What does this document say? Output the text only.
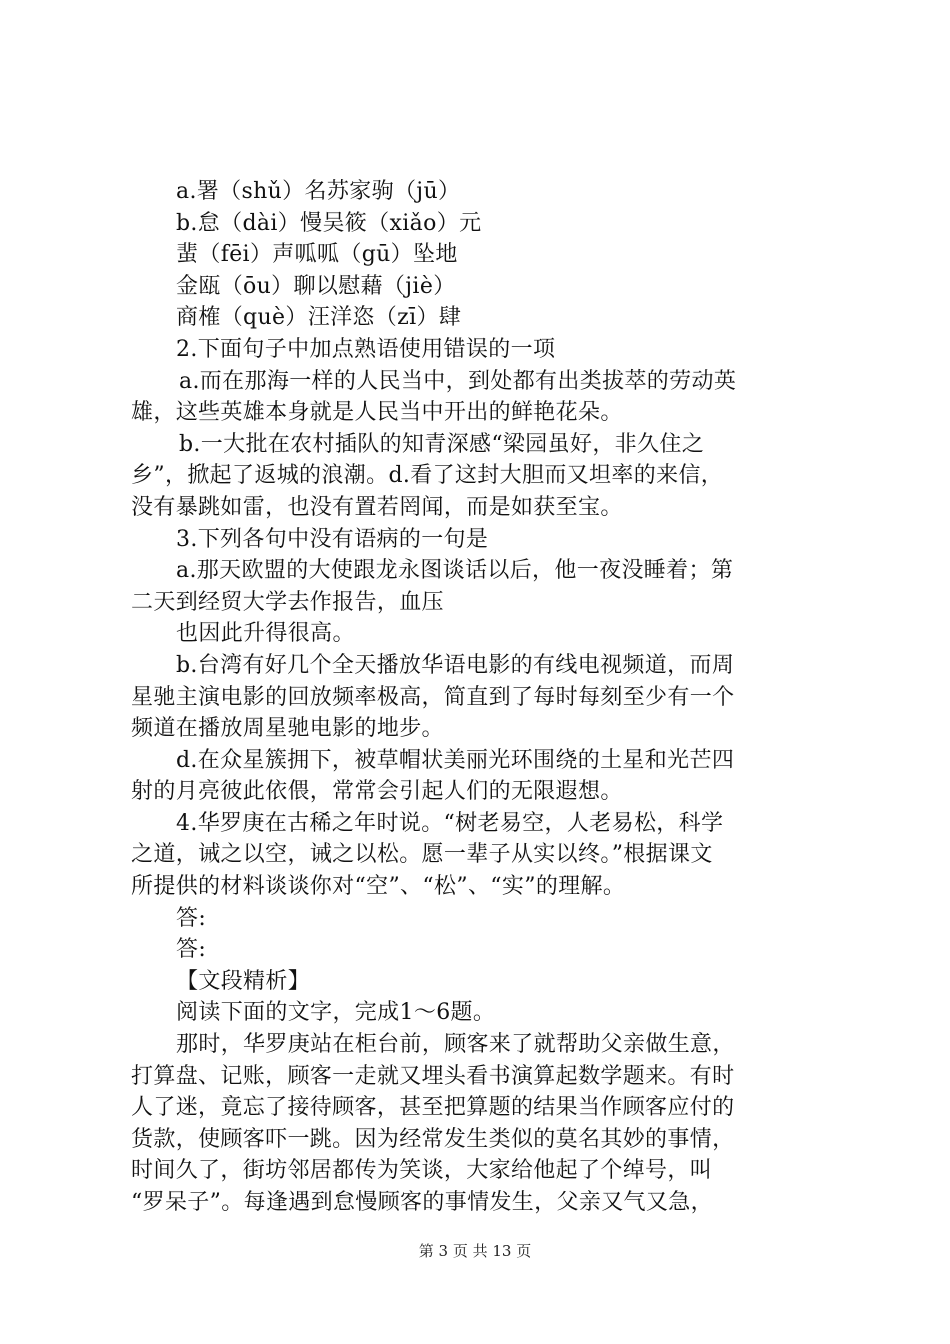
a.署（shǔ）名苏家驹（jū）
b.怠（dài）慢吴筱（xiǎo）元
蜚（fēi）声呱呱（gū）坠地
金瓯（ōu）聊以慰藉（jiè）
商榷（què）汪洋恣（zī）肆
2.下面句子中加点熟语使用错误的一项
a.而在那海一样的人民当中，到处都有出类拔萃的劳动英
雄，这些英雄本身就是人民当中开出的鲜艳花朵。
b.一大批在农村插队的知青深感“梁园虽好，非久住之
乡”，掀起了返城的浪潮。d.看了这封大胆而又坦率的来信，
没有暴跳如雷，也没有置若罔闻，而是如获至宝。
3.下列各句中没有语病的一句是
a.那天欧盟的大使跟龙永图谈话以后，他一夜没睡着；第
二天到经贸大学去作报告，血压
也因此升得很高。
b.台湾有好几个全天播放华语电影的有线电视频道，而周
星驰主演电影的回放频率极高，简直到了每时每刻至少有一个
频道在播放周星驰电影的地步。
d.在众星簇拥下，被草帽状美丽光环围绕的土星和光芒四
射的月亮彼此依偎，常常会引起人们的无限遐想。
4.华罗庚在古稀之年时说。“树老易空，人老易松，科学
之道，诫之以空，诫之以松。愿一辈子从实以终。”根据课文
所提供的材料谈谈你对“空”、“松”、“实”的理解。
答:
答:
【文段精析】
阅读下面的文字，完成1～6题。
那时，华罗庚站在柜台前，顾客来了就帮助父亲做生意，
打算盘、记账，顾客一走就又埋头看书演算起数学题来。有时
人了迷，竟忘了接待顾客，甚至把算题的结果当作顾客应付的
货款，使顾客吓一跳。因为经常发生类似的莫名其妙的事情，
时间久了，街坊邻居都传为笑谈，大家给他起了个绰号，叫
“罗呆子”。每逢遇到怠慢顾客的事情发生，父亲又气又急，
第 3 页 共 13 页
